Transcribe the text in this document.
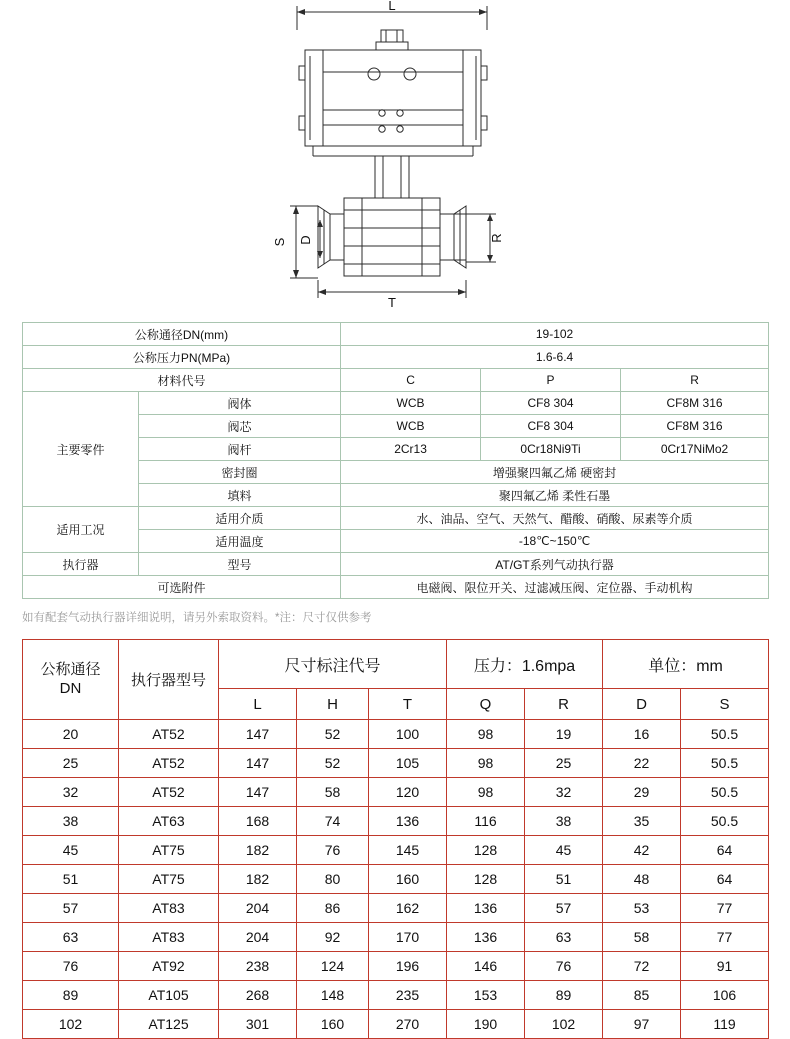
L
S D	R
T
公称通径DN(mm)		19-102		
公称压力PN(MPa)		1.6-6.4		
材料代号		C	P	R
主要零件	阀体	WCB	CF8 304	CF8M 316
	阀芯	WCB	CF8 304	CF8M 316
	阀杆	2Cr13	0Cr18Ni9Ti	0Cr17NiMo2
	密封圈	增强聚四氟乙烯 硬密封		
	填料	聚四氟乙烯 柔性石墨		
适用工况	适用介质	水、油品、空气、天然气、醋酸、硝酸、尿素等介质		
	适用温度	-18℃~150℃		
执行器	型号	AT/GT系列气动执行器		
可选附件		电磁阀、限位开关、过滤减压阀、定位器、手动机构		
如有配套气动执行器详细说明，请另外索取资料。*注：尺寸仅供参考
公称通径
DN	执行器型号	尺寸标注代号			压力：1.6mpa		单位：mm	
		L	H	T	Q	R	D	S
20	AT52	147	52	100	98	19	16	50.5
25	AT52	147	52	105	98	25	22	50.5
32	AT52	147	58	120	98	32	29	50.5
38	AT63	168	74	136	116	38	35	50.5
45	AT75	182	76	145	128	45	42	64
51	AT75	182	80	160	128	51	48	64
57	AT83	204	86	162	136	57	53	77
63	AT83	204	92	170	136	63	58	77
76	AT92	238	124	196	146	76	72	91
89	AT105	268	148	235	153	89	85	106
102	AT125	301	160	270	190	102	97	119
